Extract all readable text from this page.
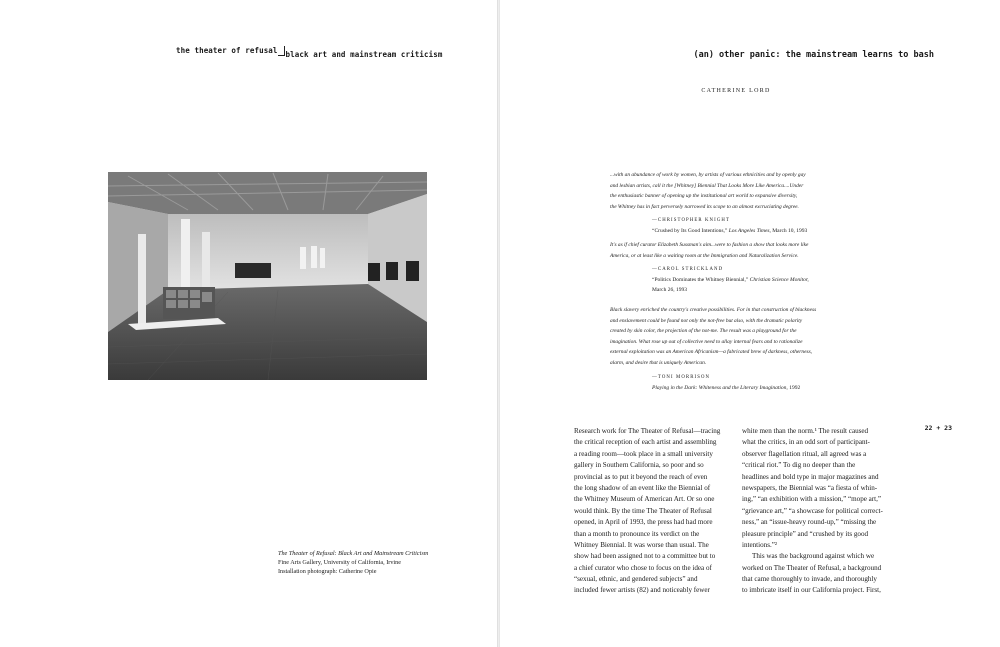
the theater of refusal black art and mainstream criticism
The Theater of Refusal: Black Art and Mainstream Criticism
Fine Arts Gallery, University of California, Irvine
Installation photograph: Catherine Opie
(an) other panic: the mainstream learns to bash
CATHERINE LORD
...with an abundance of work by women, by artists of various ethnicities and by openly gay
and lesbian artists, call it the [Whitney] Biennial That Looks More Like America....Under
the enthusiastic banner of opening up the institutional art world to expansive diversity,
the Whitney has in fact perversely narrowed its scope to an almost excruciating degree.
—CHRISTOPHER KNIGHT
“Crushed by Its Good Intentions,” Los Angeles Times, March 10, 1993
It's as if chief curator Elizabeth Sussman's aim...were to fashion a show that looks more like
America, or at least like a waiting room at the Immigration and Naturalization Service.
—CAROL STRICKLAND
“Politics Dominates the Whitney Biennial,” Christian Science Monitor,
March 26, 1993
Black slavery enriched the country's creative possibilities. For in that construction of blackness
and enslavement could be found not only the not-free but also, with the dramatic polarity
created by skin color, the projection of the not-me. The result was a playground for the
imagination. What rose up out of collective need to allay internal fears and to rationalize
external exploitation was an American Africanism—a fabricated brew of darkness, otherness,
alarm, and desire that is uniquely American.
—TONI MORRISON
Playing in the Dark: Whiteness and the Literary Imagination, 1992
22 + 23
Research work for The Theater of Refusal—tracing
the critical reception of each artist and assembling
a reading room—took place in a small university
gallery in Southern California, so poor and so
provincial as to put it beyond the reach of even
the long shadow of an event like the Biennial of
the Whitney Museum of American Art. Or so one
would think. By the time The Theater of Refusal
opened, in April of 1993, the press had had more
than a month to pronounce its verdict on the
Whitney Biennial. It was worse than usual. The
show had been assigned not to a committee but to
a chief curator who chose to focus on the idea of
“sexual, ethnic, and gendered subjects” and
included fewer artists (82) and noticeably fewer
white men than the norm.¹ The result caused
what the critics, in an odd sort of participant-
observer flagellation ritual, all agreed was a
“critical riot.” To dig no deeper than the
headlines and bold type in major magazines and
newspapers, the Biennial was “a fiesta of whin-
ing,” “an exhibition with a mission,” “mope art,”
“grievance art,” “a showcase for political correct-
ness,” an “issue-heavy round-up,” “missing the
pleasure principle” and “crushed by its good
intentions.”²
This was the background against which we
worked on The Theater of Refusal, a background
that came thoroughly to invade, and thoroughly
to imbricate itself in our California project. First,
